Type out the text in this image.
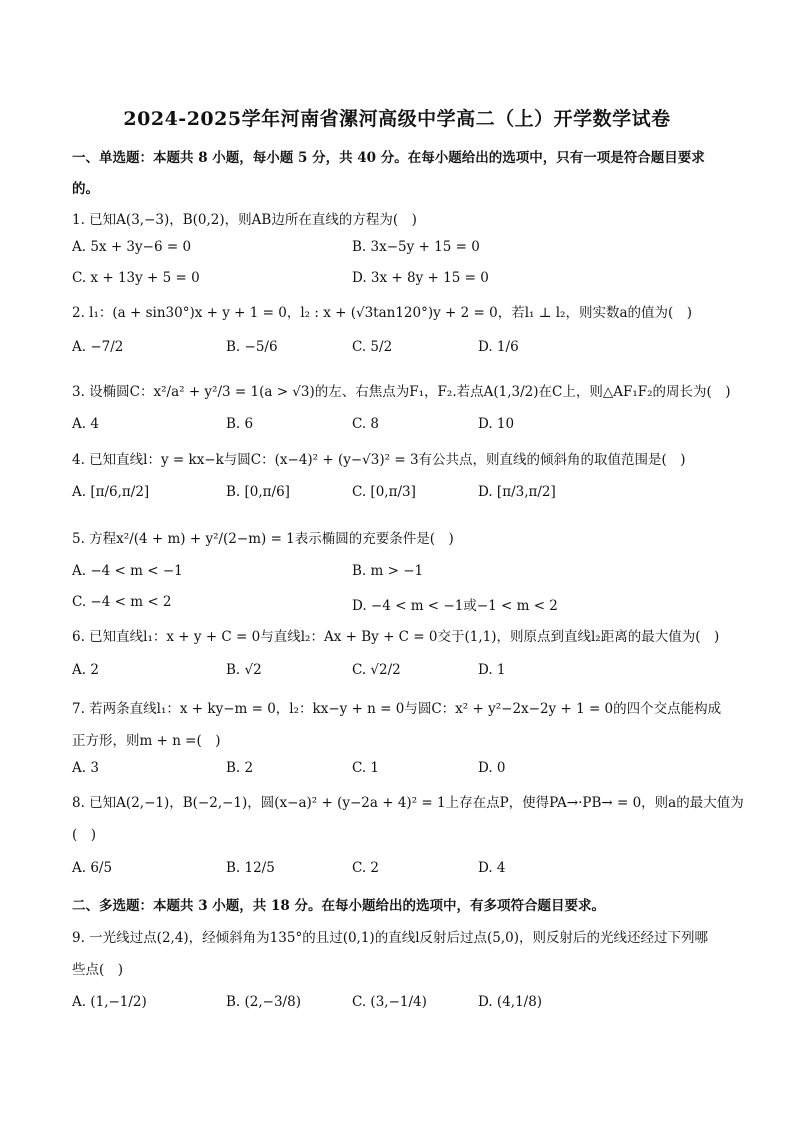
2024-2025学年河南省漯河高级中学高二（上）开学数学试卷
一、单选题：本题共 8 小题，每小题 5 分，共 40 分。在每小题给出的选项中，只有一项是符合题目要求
的。
1. 已知A(3,−3)，B(0,2)，则AB边所在直线的方程为(　)
A. 5x + 3y−6 = 0	B. 3x−5y + 15 = 0
C. x + 13y + 5 = 0	D. 3x + 8y + 15 = 0
2. l₁：(a + sin30°)x + y + 1 = 0，l₂ : x + (√3tan120°)y + 2 = 0，若l₁ ⊥ l₂，则实数a的值为(　)
A. −7/2	B. −5/6	C. 5/2	D. 1/6
3. 设椭圆C：x²/a² + y²/3 = 1(a > √3)的左、右焦点为F₁，F₂.若点A(1,3/2)在C上，则△AF₁F₂的周长为(　)
A. 4	B. 6	C. 8	D. 10
4. 已知直线l：y = kx−k与圆C：(x−4)² + (y−√3)² = 3有公共点，则直线的倾斜角的取值范围是(　)
A. [π/6,π/2]	B. [0,π/6]	C. [0,π/3]	D. [π/3,π/2]
5. 方程x²/(4 + m) + y²/(2−m) = 1表示椭圆的充要条件是(　)
A. −4 < m < −1	B. m > −1
C. −4 < m < 2	D. −4 < m < −1或−1 < m < 2
6. 已知直线l₁：x + y + C = 0与直线l₂：Ax + By + C = 0交于(1,1)，则原点到直线l₂距离的最大值为(　)
A. 2	B. √2	C. √2/2	D. 1
7. 若两条直线l₁：x + ky−m = 0，l₂：kx−y + n = 0与圆C：x² + y²−2x−2y + 1 = 0的四个交点能构成
正方形，则m + n =(　)
A. 3	B. 2	C. 1	D. 0
8. 已知A(2,−1)，B(−2,−1)，圆(x−a)² + (y−2a + 4)² = 1上存在点P，使得PA→·PB→ = 0，则a的最大值为
(　)
A. 6/5	B. 12/5	C. 2	D. 4
二、多选题：本题共 3 小题，共 18 分。在每小题给出的选项中，有多项符合题目要求。
9. 一光线过点(2,4)，经倾斜角为135°的且过(0,1)的直线l反射后过点(5,0)，则反射后的光线还经过下列哪
些点(　)
A. (1,−1/2)	B. (2,−3/8)	C. (3,−1/4)	D. (4,1/8)
